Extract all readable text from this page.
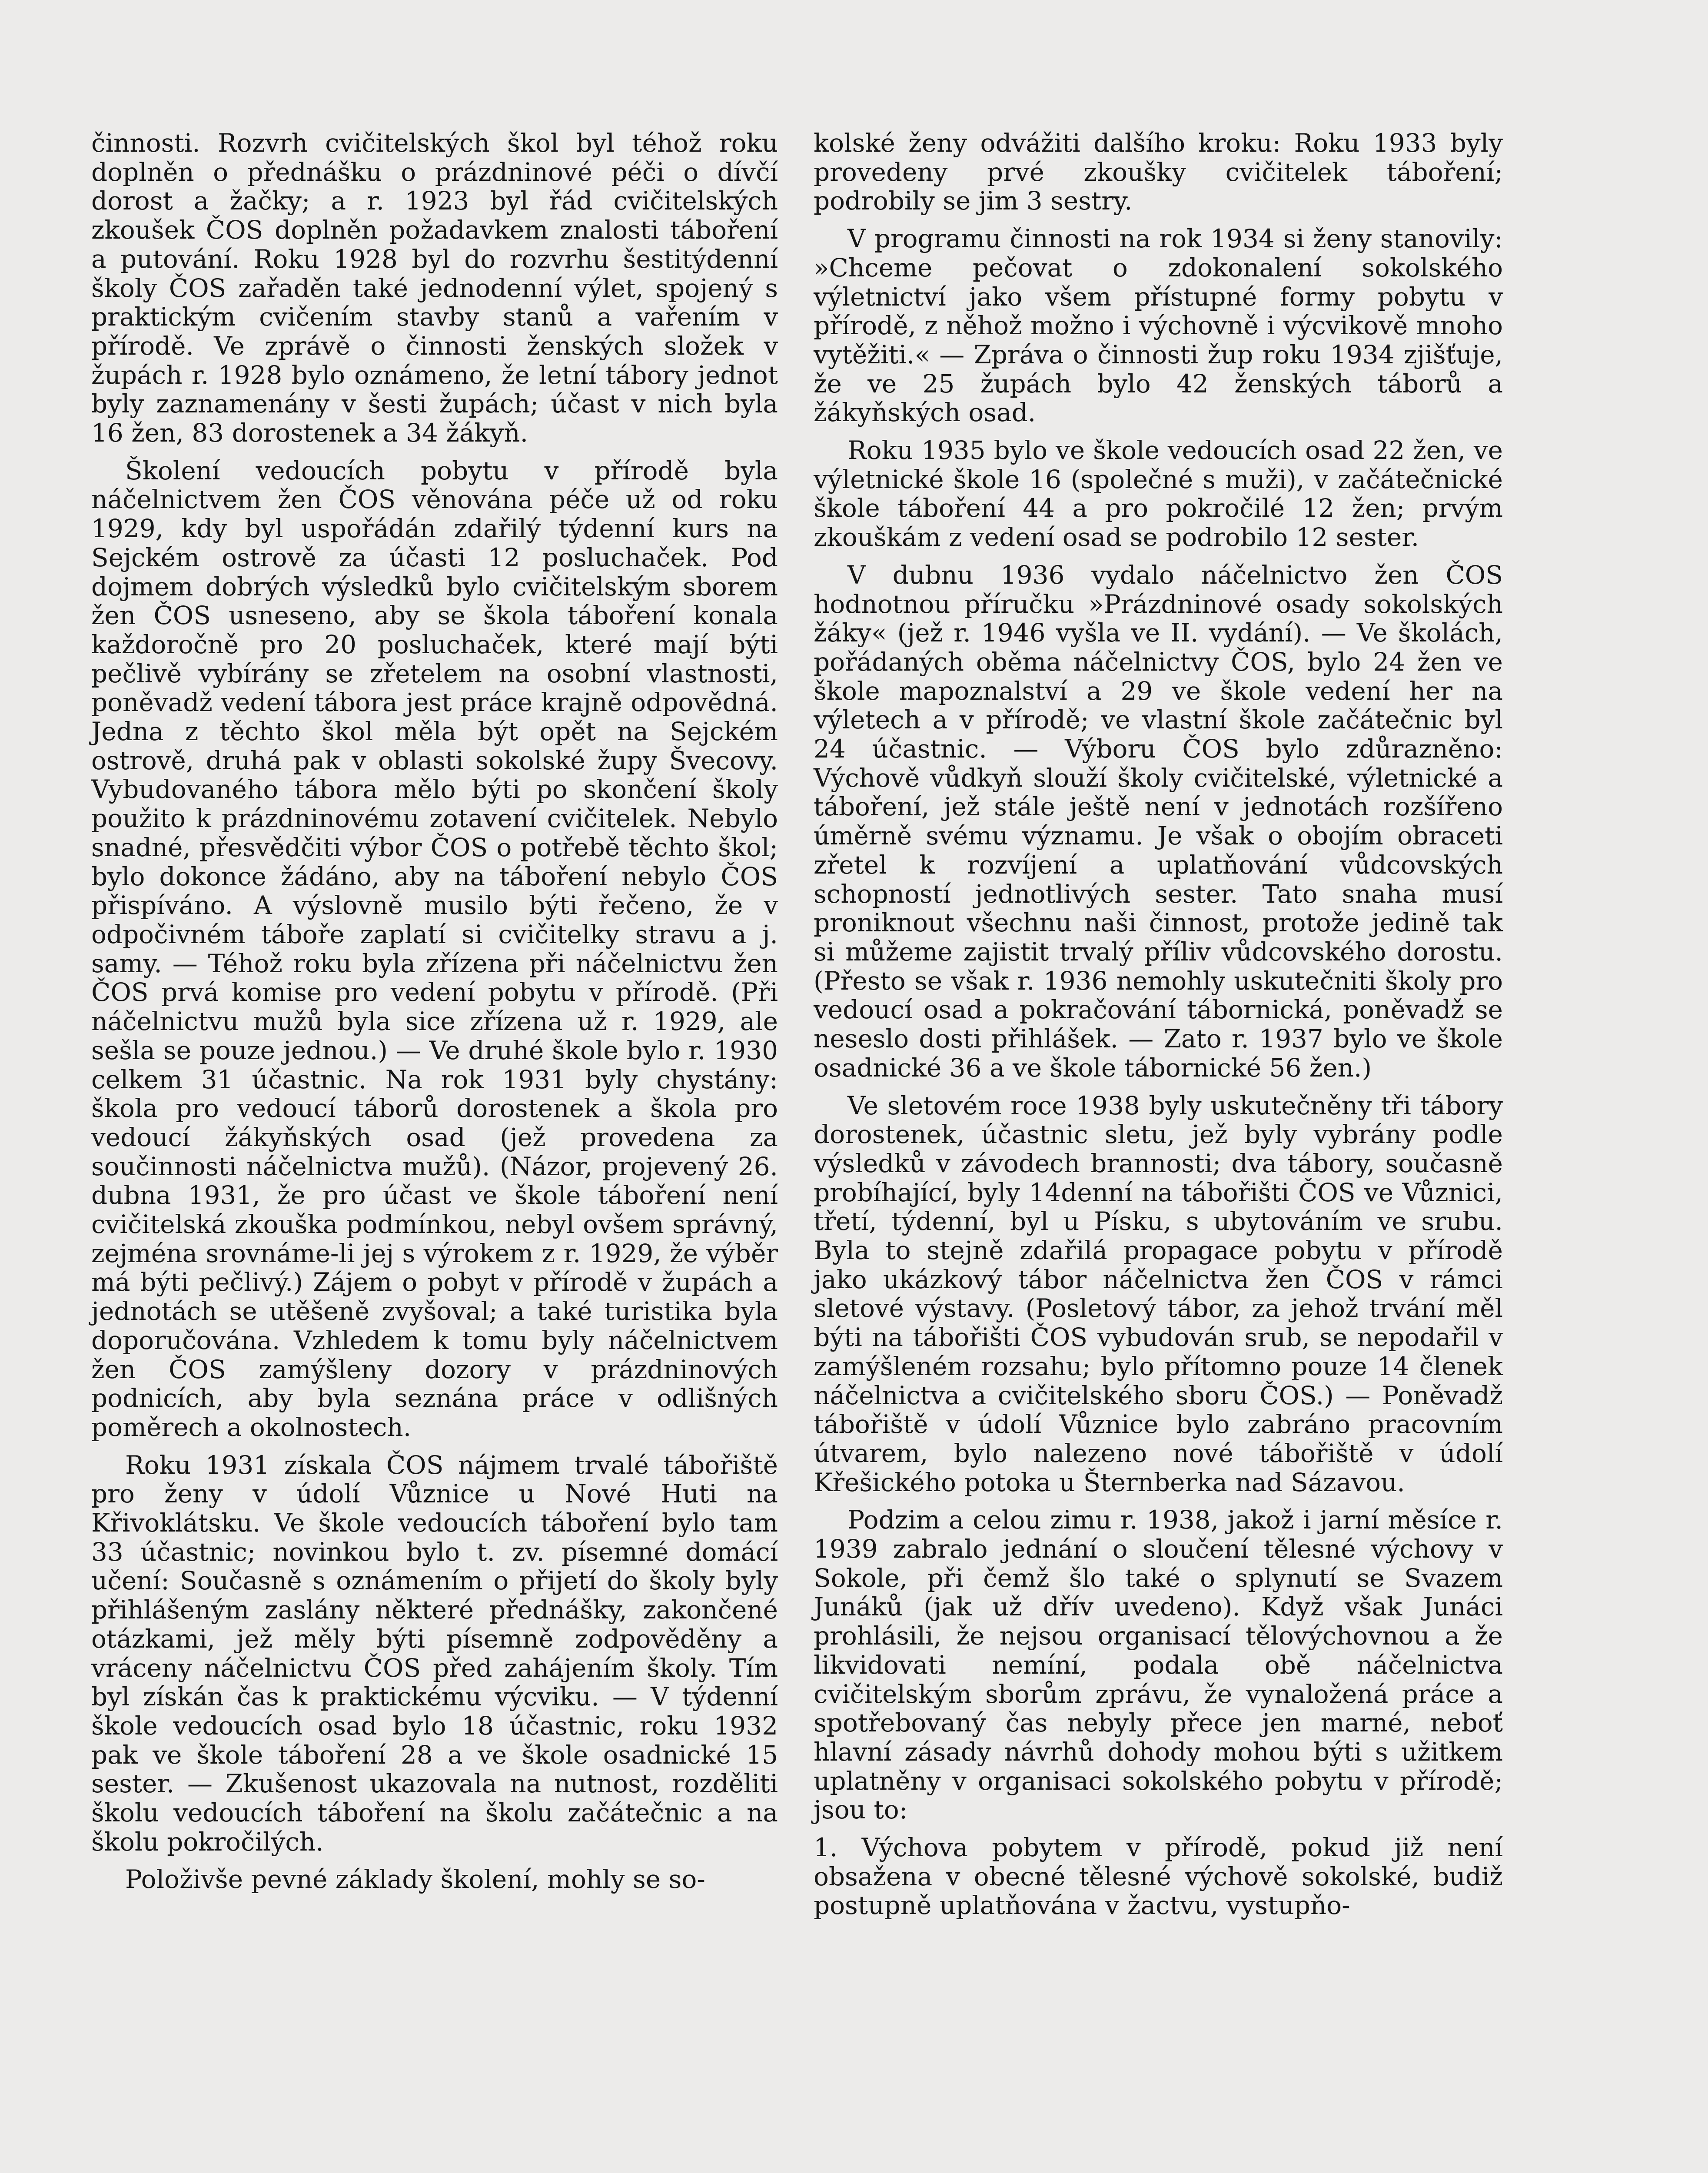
činnosti. Rozvrh cvičitelských škol byl téhož roku doplněn o přednášku o prázdninové péči o dívčí dorost a žačky; a r. 1923 byl řád cvičitelských zkoušek ČOS doplněn požadavkem znalosti táboření a putování. Roku 1928 byl do rozvrhu šestitýdenní školy ČOS zařaděn také jednodenní výlet, spojený s praktickým cvičením stavby stanů a vařením v přírodě. Ve zprávě o činnosti ženských složek v župách r. 1928 bylo oznámeno, že letní tábory jednot byly zaznamenány v šesti župách; účast v nich byla 16 žen, 83 dorostenek a 34 žákyň.

Školení vedoucích pobytu v přírodě byla náčelnictvem žen ČOS věnována péče už od roku 1929, kdy byl uspořádán zdařilý týdenní kurs na Sejckém ostrově za účasti 12 posluchaček. Pod dojmem dobrých výsledků bylo cvičitelským sborem žen ČOS usneseno, aby se škola táboření konala každoročně pro 20 posluchaček, které mají býti pečlivě vybírány se zřetelem na osobní vlastnosti, poněvadž vedení tábora jest práce krajně odpovědná. Jedna z těchto škol měla být opět na Sejckém ostrově, druhá pak v oblasti sokolské župy Švecovy. Vybudovaného tábora mělo býti po skončení školy použito k prázdninovému zotavení cvičitelek. Nebylo snadné, přesvědčiti výbor ČOS o potřebě těchto škol; bylo dokonce žádáno, aby na táboření nebylo ČOS přispíváno. A výslovně musilo býti řečeno, že v odpočivném táboře zaplatí si cvičitelky stravu a j. samy. — Téhož roku byla zřízena při náčelnictvu žen ČOS prvá komise pro vedení pobytu v přírodě. (Při náčelnictvu mužů byla sice zřízena už r. 1929, ale sešla se pouze jednou.) — Ve druhé škole bylo r. 1930 celkem 31 účastnic. Na rok 1931 byly chystány: škola pro vedoucí táborů dorostenek a škola pro vedoucí žákyňských osad (jež provedena za součinnosti náčelnictva mužů). (Názor, projevený 26. dubna 1931, že pro účast ve škole táboření není cvičitelská zkouška podmínkou, nebyl ovšem správný, zejména srovnáme-li jej s výrokem z r. 1929, že výběr má býti pečlivý.) Zájem o pobyt v přírodě v župách a jednotách se utěšeně zvyšoval; a také turistika byla doporučována. Vzhledem k tomu byly náčelnictvem žen ČOS zamýšleny dozory v prázdninových podnicích, aby byla seznána práce v odlišných poměrech a okolnostech.

Roku 1931 získala ČOS nájmem trvalé tábořiště pro ženy v údolí Vůznice u Nové Huti na Křivoklátsku. Ve škole vedoucích táboření bylo tam 33 účastnic; novinkou bylo t. zv. písemné domácí učení: Současně s oznámením o přijetí do školy byly přihlášeným zaslány některé přednášky, zakončené otázkami, jež měly býti písemně zodpověděny a vráceny náčelnictvu ČOS před zahájením školy. Tím byl získán čas k praktickému výcviku. — V týdenní škole vedoucích osad bylo 18 účastnic, roku 1932 pak ve škole táboření 28 a ve škole osadnické 15 sester. — Zkušenost ukazovala na nutnost, rozděliti školu vedoucích táboření na školu začátečnic a na školu pokročilých.

Položivše pevné základy školení, mohly se so-

kolské ženy odvážiti dalšího kroku: Roku 1933 byly provedeny prvé zkoušky cvičitelek táboření; podrobily se jim 3 sestry.

V programu činnosti na rok 1934 si ženy stanovily: »Chceme pečovat o zdokonalení sokolského výletnictví jako všem přístupné formy pobytu v přírodě, z něhož možno i výchovně i výcvikově mnoho vytěžiti.« — Zpráva o činnosti žup roku 1934 zjišťuje, že ve 25 župách bylo 42 ženských táborů a žákyňských osad.

Roku 1935 bylo ve škole vedoucích osad 22 žen, ve výletnické škole 16 (společné s muži), v začátečnické škole táboření 44 a pro pokročilé 12 žen; prvým zkouškám z vedení osad se podrobilo 12 sester.

V dubnu 1936 vydalo náčelnictvo žen ČOS hodnotnou příručku »Prázdninové osady sokolských žáky« (jež r. 1946 vyšla ve II. vydání). — Ve školách, pořádaných oběma náčelnictvy ČOS, bylo 24 žen ve škole mapoznalství a 29 ve škole vedení her na výletech a v přírodě; ve vlastní škole začátečnic byl 24 účastnic. — Výboru ČOS bylo zdůrazněno: Výchově vůdkyň slouží školy cvičitelské, výletnické a táboření, jež stále ještě není v jednotách rozšířeno úměrně svému významu. Je však o obojím obraceti zřetel k rozvíjení a uplatňování vůdcovských schopností jednotlivých sester. Tato snaha musí proniknout všechnu naši činnost, protože jedině tak si můžeme zajistit trvalý příliv vůdcovského dorostu. (Přesto se však r. 1936 nemohly uskutečniti školy pro vedoucí osad a pokračování tábornická, poněvadž se neseslo dosti přihlášek. — Zato r. 1937 bylo ve škole osadnické 36 a ve škole tábornické 56 žen.)

Ve sletovém roce 1938 byly uskutečněny tři tábory dorostenek, účastnic sletu, jež byly vybrány podle výsledků v závodech brannosti; dva tábory, současně probíhající, byly 14denní na tábořišti ČOS ve Vůznici, třetí, týdenní, byl u Písku, s ubytováním ve srubu. Byla to stejně zdařilá propagace pobytu v přírodě jako ukázkový tábor náčelnictva žen ČOS v rámci sletové výstavy. (Posletový tábor, za jehož trvání měl býti na tábořišti ČOS vybudován srub, se nepodařil v zamýšleném rozsahu; bylo přítomno pouze 14 členek náčelnictva a cvičitelského sboru ČOS.) — Poněvadž tábořiště v údolí Vůznice bylo zabráno pracovním útvarem, bylo nalezeno nové tábořiště v údolí Křešického potoka u Šternberka nad Sázavou.

Podzim a celou zimu r. 1938, jakož i jarní měsíce r. 1939 zabralo jednání o sloučení tělesné výchovy v Sokole, při čemž šlo také o splynutí se Svazem Junáků (jak už dřív uvedeno). Když však Junáci prohlásili, že nejsou organisací tělovýchovnou a že likvidovati nemíní, podala obě náčelnictva cvičitelským sborům zprávu, že vynaložená práce a spotřebovaný čas nebyly přece jen marné, neboť hlavní zásady návrhů dohody mohou býti s užitkem uplatněny v organisaci sokolského pobytu v přírodě; jsou to:

1. Výchova pobytem v přírodě, pokud již není obsažena v obecné tělesné výchově sokolské, budiž postupně uplatňována v žactvu, vystupňo-
